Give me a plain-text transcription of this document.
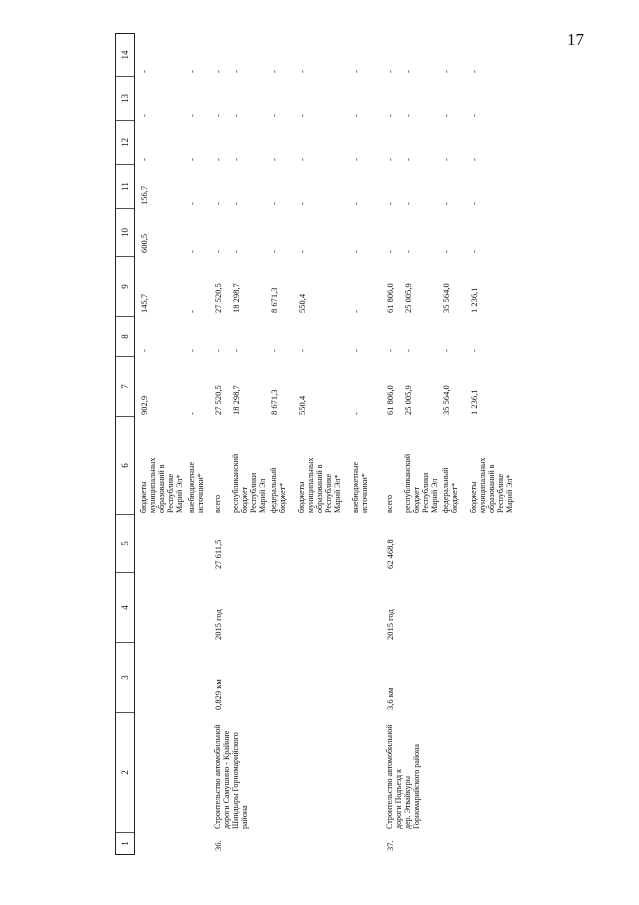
17
1
2
3
4
5
6
7
8
9
10
11
12
13
14
бюджеты
муниципальных
образований в
Республике
Марий Эл*
902,9
-
145,7
600,5
156,7
-
-
-
внебюджетные
источники*
-
-
-
-
-
-
-
-
36.
Строительство автомобильной
дороги Самушино - Крайние
Шиндыры Горномарийского
района
0,829 км
2015 год
27 611,5
всего
27 520,5
-
27 520,5
-
-
-
-
-
республиканский
бюджет
Республики
Марий Эл
18 298,7
-
18 298,7
-
-
-
-
-
федеральный
бюджет*
8 671,3
-
8 671,3
-
-
-
-
-
бюджеты
муниципальных
образований в
Республике
Марий Эл*
550,4
-
550,4
-
-
-
-
-
внебюджетные
источники*
-
-
-
-
-
-
-
-
37.
Строительство автомобильной
дороги Подъезд к
дер. Этвайкуры
Горномарийского района
3,6 км
2015 год
62 468,8
всего
61 806,0
-
61 806,0
-
-
-
-
-
республиканский
бюджет
Республики
Марий Эл
25 005,9
-
25 005,9
-
-
-
-
-
федеральный
бюджет*
35 564,0
-
35 564,0
-
-
-
-
-
бюджеты
муниципальных
образований в
Республике
Марий Эл*
1 236,1
-
1 236,1
-
-
-
-
-
